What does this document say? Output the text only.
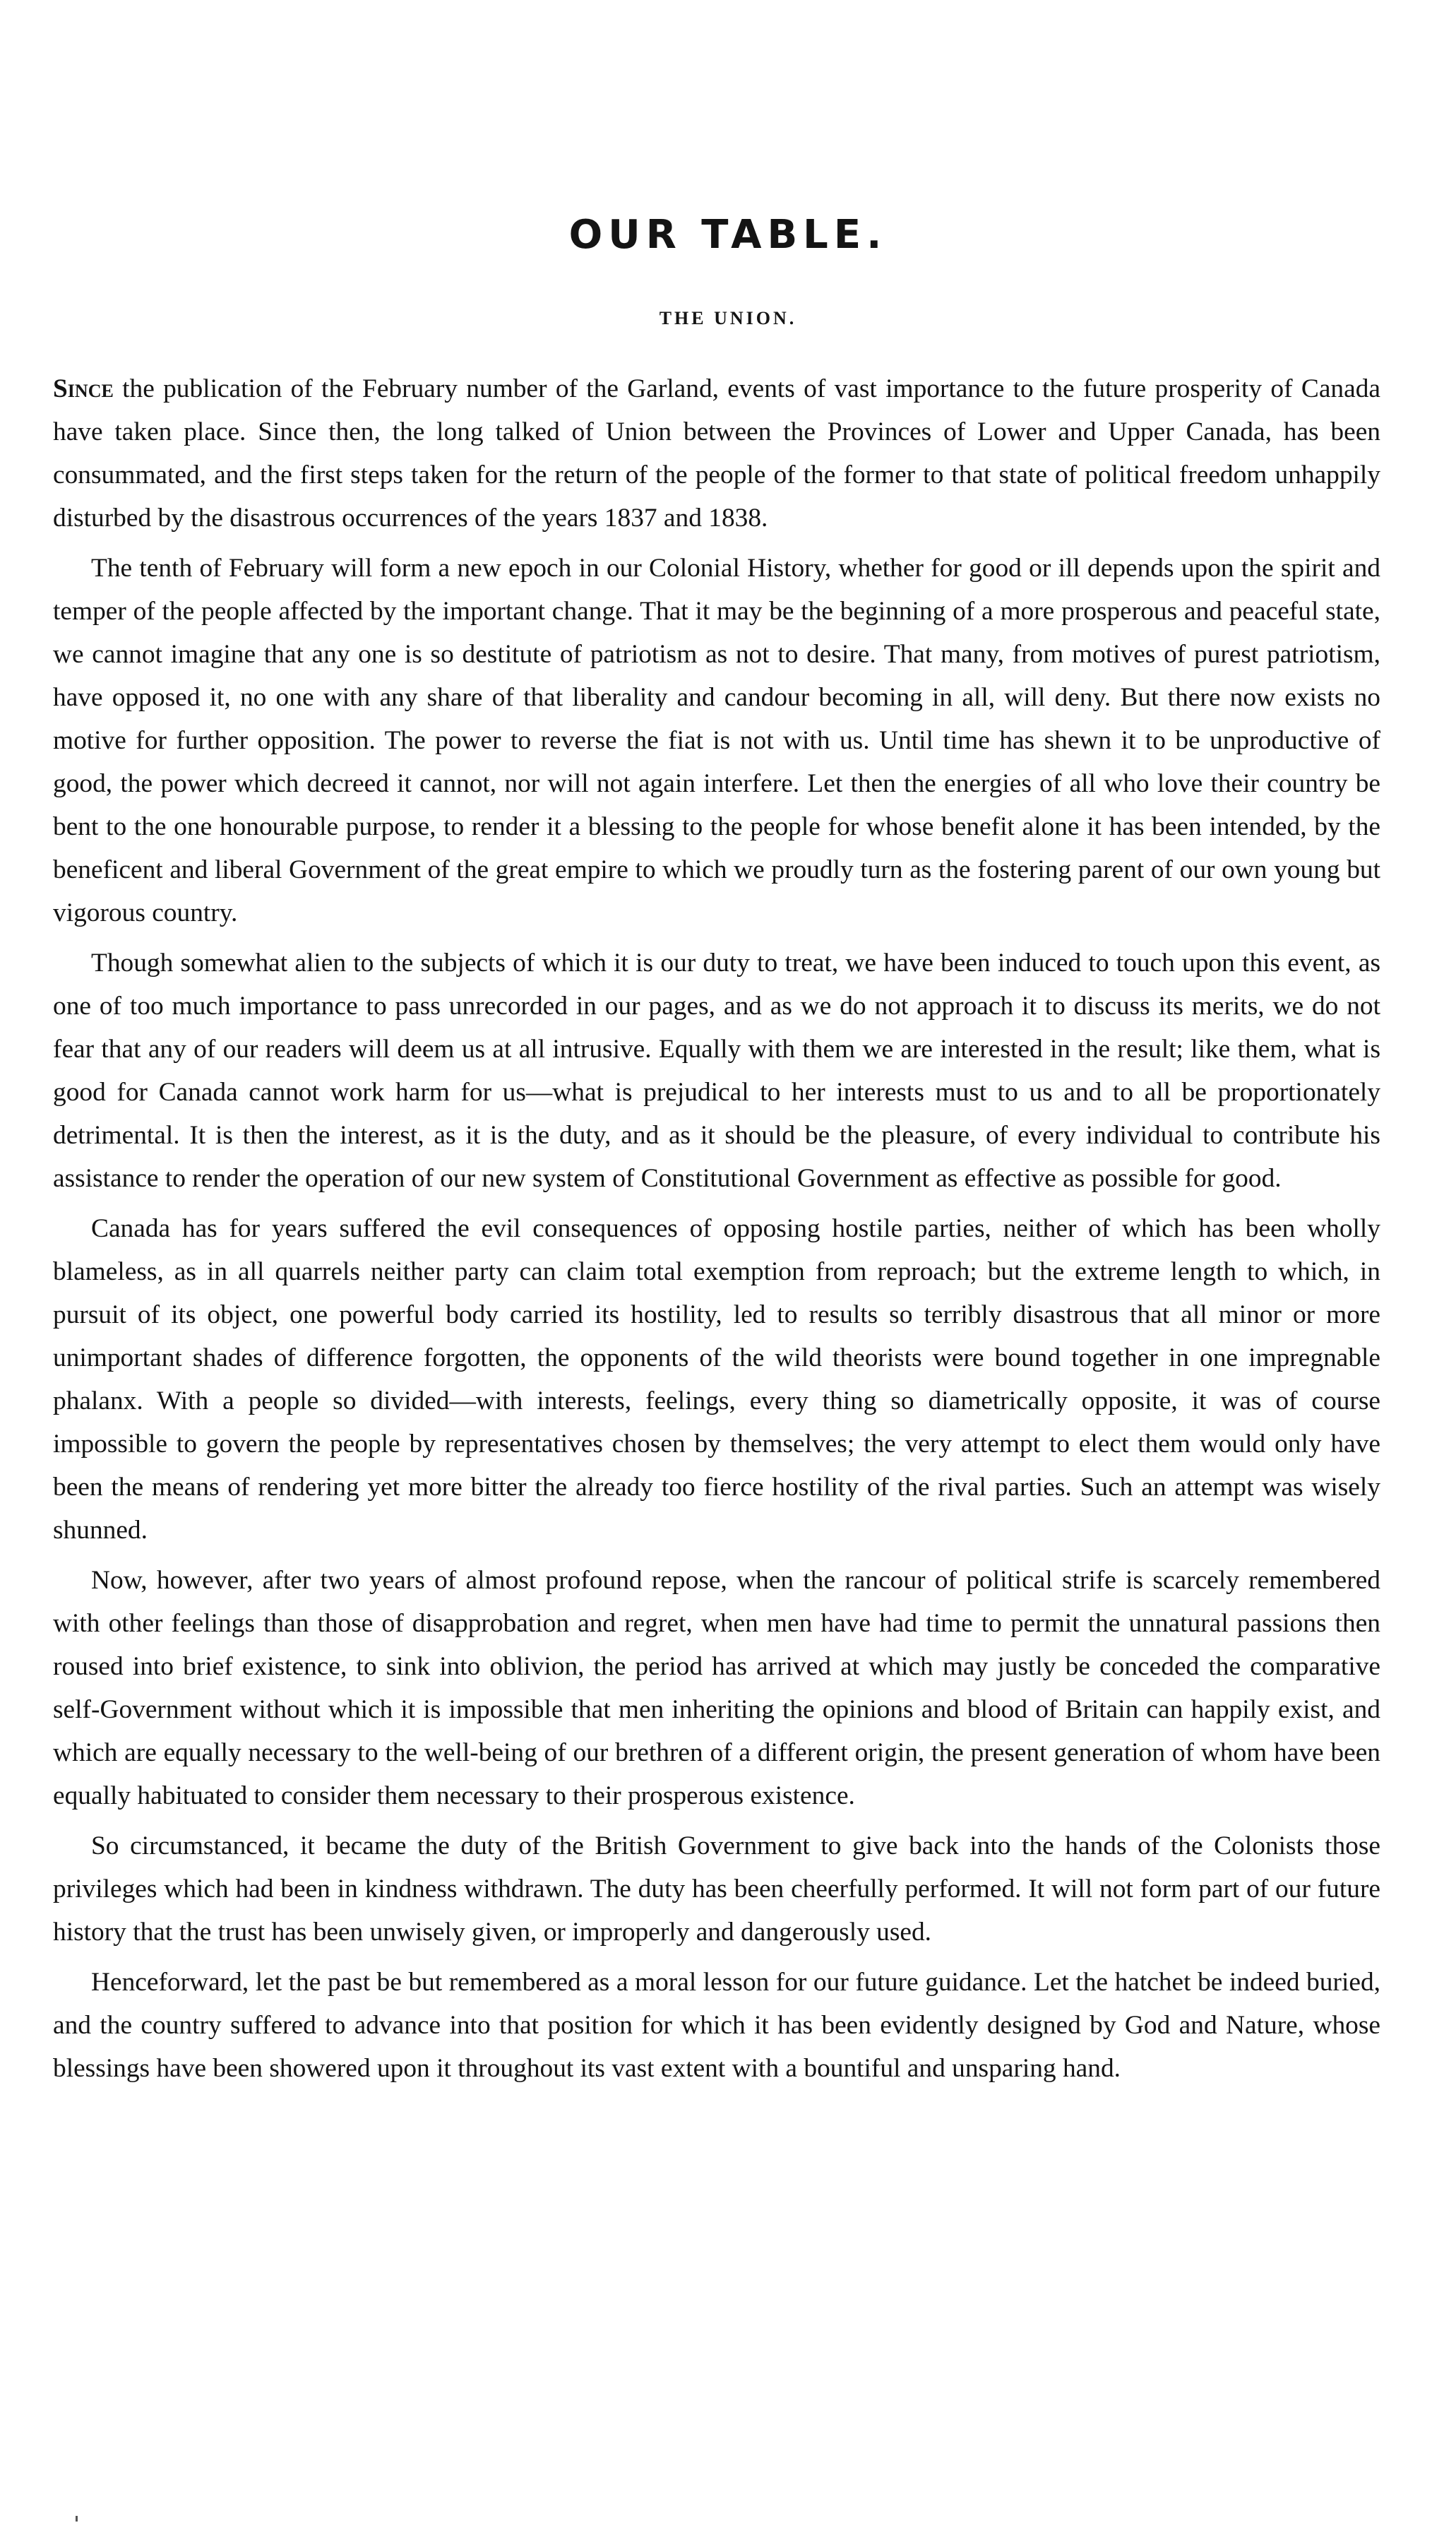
OUR TABLE.
THE UNION.

Since the publication of the February number of the Garland, events of vast importance to the future prosperity of Canada have taken place. Since then, the long talked of Union between the Provinces of Lower and Upper Canada, has been consummated, and the first steps taken for the return of the people of the former to that state of political freedom unhappily disturbed by the disastrous occurrences of the years 1837 and 1838.

The tenth of February will form a new epoch in our Colonial History, whether for good or ill depends upon the spirit and temper of the people affected by the important change. That it may be the beginning of a more prosperous and peaceful state, we cannot imagine that any one is so destitute of patriotism as not to desire. That many, from motives of purest patriotism, have opposed it, no one with any share of that liberality and candour becoming in all, will deny. But there now exists no motive for further opposition. The power to reverse the fiat is not with us. Until time has shewn it to be unproductive of good, the power which decreed it cannot, nor will not again interfere. Let then the energies of all who love their country be bent to the one honourable purpose, to render it a blessing to the people for whose benefit alone it has been intended, by the beneficent and liberal Government of the great empire to which we proudly turn as the fostering parent of our own young but vigorous country.

Though somewhat alien to the subjects of which it is our duty to treat, we have been induced to touch upon this event, as one of too much importance to pass unrecorded in our pages, and as we do not approach it to discuss its merits, we do not fear that any of our readers will deem us at all intrusive. Equally with them we are interested in the result; like them, what is good for Canada cannot work harm for us—what is prejudical to her interests must to us and to all be proportionately detrimental. It is then the interest, as it is the duty, and as it should be the pleasure, of every individual to contribute his assistance to render the operation of our new system of Constitutional Government as effective as possible for good.

Canada has for years suffered the evil consequences of opposing hostile parties, neither of which has been wholly blameless, as in all quarrels neither party can claim total exemption from reproach; but the extreme length to which, in pursuit of its object, one powerful body carried its hostility, led to results so terribly disastrous that all minor or more unimportant shades of difference forgotten, the opponents of the wild theorists were bound together in one impregnable phalanx. With a people so divided—with interests, feelings, every thing so diametrically opposite, it was of course impossible to govern the people by representatives chosen by themselves; the very attempt to elect them would only have been the means of rendering yet more bitter the already too fierce hostility of the rival parties. Such an attempt was wisely shunned.

Now, however, after two years of almost profound repose, when the rancour of political strife is scarcely remembered with other feelings than those of disapprobation and regret, when men have had time to permit the unnatural passions then roused into brief existence, to sink into oblivion, the period has arrived at which may justly be conceded the comparative self-Government without which it is impossible that men inheriting the opinions and blood of Britain can happily exist, and which are equally necessary to the well-being of our brethren of a different origin, the present generation of whom have been equally habituated to consider them necessary to their prosperous existence.

So circumstanced, it became the duty of the British Government to give back into the hands of the Colonists those privileges which had been in kindness withdrawn. The duty has been cheerfully performed. It will not form part of our future history that the trust has been unwisely given, or improperly and dangerously used.

Henceforward, let the past be but remembered as a moral lesson for our future guidance. Let the hatchet be indeed buried, and the country suffered to advance into that position for which it has been evidently designed by God and Nature, whose blessings have been showered upon it throughout its vast extent with a bountiful and unsparing hand.
